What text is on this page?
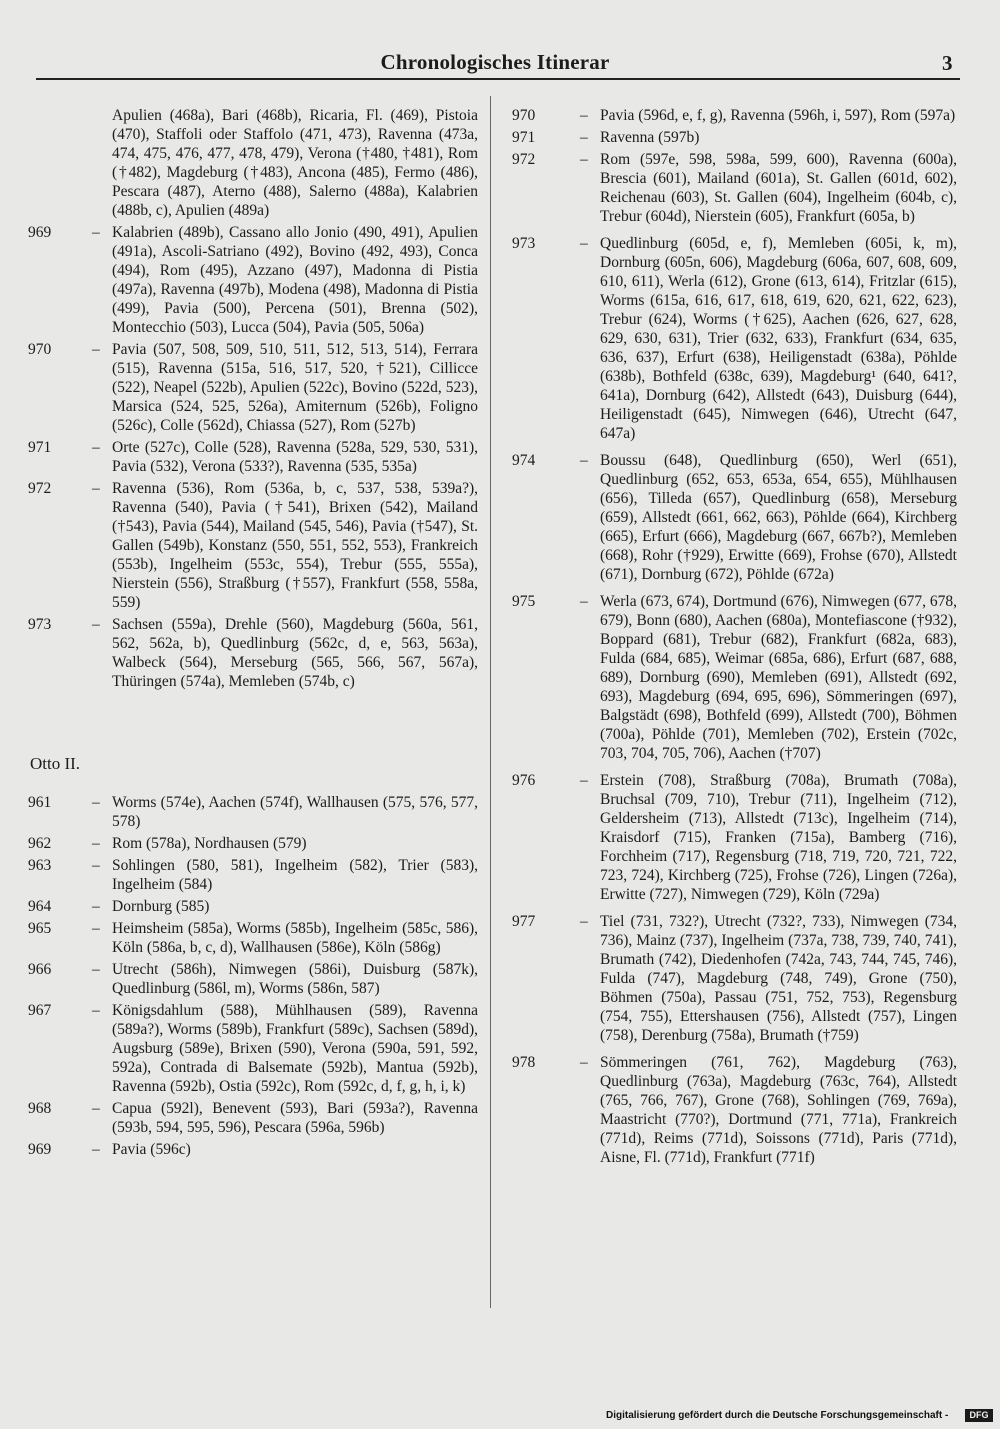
Chronologisches Itinerar	3
Apulien (468a), Bari (468b), Ricaria, Fl. (469), Pistoia (470), Staffoli oder Staffolo (471, 473), Ravenna (473a, 474, 475, 476, 477, 478, 479), Verona (†480, †481), Rom (†482), Magdeburg (†483), Ancona (485), Fermo (486), Pescara (487), Aterno (488), Salerno (488a), Kalabrien (488b, c), Apulien (489a)
969	– Kalabrien (489b), Cassano allo Jonio (490, 491), Apulien (491a), Ascoli-Satriano (492), Bovino (492, 493), Conca (494), Rom (495), Azzano (497), Madonna di Pistia (497a), Ravenna (497b), Modena (498), Madonna di Pistia (499), Pavia (500), Percena (501), Brenna (502), Montecchio (503), Lucca (504), Pavia (505, 506a)
970	– Pavia (507, 508, 509, 510, 511, 512, 513, 514), Ferrara (515), Ravenna (515a, 516, 517, 520, †521), Cillicce (522), Neapel (522b), Apulien (522c), Bovino (522d, 523), Marsica (524, 525, 526a), Amiternum (526b), Foligno (526c), Colle (562d), Chiassa (527), Rom (527b)
971	– Orte (527c), Colle (528), Ravenna (528a, 529, 530, 531), Pavia (532), Verona (533?), Ravenna (535, 535a)
972	– Ravenna (536), Rom (536a, b, c, 537, 538, 539a?), Ravenna (540), Pavia (†541), Brixen (542), Mailand (†543), Pavia (544), Mailand (545, 546), Pavia (†547), St. Gallen (549b), Konstanz (550, 551, 552, 553), Frankreich (553b), Ingelheim (553c, 554), Trebur (555, 555a), Nierstein (556), Straßburg (†557), Frankfurt (558, 558a, 559)
973	– Sachsen (559a), Drehle (560), Magdeburg (560a, 561, 562, 562a, b), Quedlinburg (562c, d, e, 563, 563a), Walbeck (564), Merseburg (565, 566, 567, 567a), Thüringen (574a), Memleben (574b, c)
Otto II.
961	– Worms (574e), Aachen (574f), Wallhausen (575, 576, 577, 578)
962	– Rom (578a), Nordhausen (579)
963	– Sohlingen (580, 581), Ingelheim (582), Trier (583), Ingelheim (584)
964	– Dornburg (585)
965	– Heimsheim (585a), Worms (585b), Ingelheim (585c, 586), Köln (586a, b, c, d), Wallhausen (586e), Köln (586g)
966	– Utrecht (586h), Nimwegen (586i), Duisburg (587k), Quedlinburg (586l, m), Worms (586n, 587)
967	– Königsdahlum (588), Mühlhausen (589), Ravenna (589a?), Worms (589b), Frankfurt (589c), Sachsen (589d), Augsburg (589e), Brixen (590), Verona (590a, 591, 592, 592a), Contrada di Balsemate (592b), Mantua (592b), Ravenna (592b), Ostia (592c), Rom (592c, d, f, g, h, i, k)
968	– Capua (592l), Benevent (593), Bari (593a?), Ravenna (593b, 594, 595, 596), Pescara (596a, 596b)
969	– Pavia (596c)
970	– Pavia (596d, e, f, g), Ravenna (596h, i, 597), Rom (597a)
971	– Ravenna (597b)
972	– Rom (597e, 598, 598a, 599, 600), Ravenna (600a), Brescia (601), Mailand (601a), St. Gallen (601d, 602), Reichenau (603), St. Gallen (604), Ingelheim (604b, c), Trebur (604d), Nierstein (605), Frankfurt (605a, b)
973	– Quedlinburg (605d, e, f), Memleben (605i, k, m), Dornburg (605n, 606), Magdeburg (606a, 607, 608, 609, 610, 611), Werla (612), Grone (613, 614), Fritzlar (615), Worms (615a, 616, 617, 618, 619, 620, 621, 622, 623), Trebur (624), Worms (†625), Aachen (626, 627, 628, 629, 630, 631), Trier (632, 633), Frankfurt (634, 635, 636, 637), Erfurt (638), Heiligenstadt (638a), Pöhlde (638b), Bothfeld (638c, 639), Magdeburg¹ (640, 641?, 641a), Dornburg (642), Allstedt (643), Duisburg (644), Heiligenstadt (645), Nimwegen (646), Utrecht (647, 647a)
974	– Boussu (648), Quedlinburg (650), Werl (651), Quedlinburg (652, 653, 653a, 654, 655), Mühlhausen (656), Tilleda (657), Quedlinburg (658), Merseburg (659), Allstedt (661, 662, 663), Pöhlde (664), Kirchberg (665), Erfurt (666), Magdeburg (667, 667b?), Memleben (668), Rohr (†929), Erwitte (669), Frohse (670), Allstedt (671), Dornburg (672), Pöhlde (672a)
975	– Werla (673, 674), Dortmund (676), Nimwegen (677, 678, 679), Bonn (680), Aachen (680a), Montefiascone (†932), Boppard (681), Trebur (682), Frankfurt (682a, 683), Fulda (684, 685), Weimar (685a, 686), Erfurt (687, 688, 689), Dornburg (690), Memleben (691), Allstedt (692, 693), Magdeburg (694, 695, 696), Sömmeringen (697), Balgstädt (698), Bothfeld (699), Allstedt (700), Böhmen (700a), Pöhlde (701), Memleben (702), Erstein (702c, 703, 704, 705, 706), Aachen (†707)
976	– Erstein (708), Straßburg (708a), Brumath (708a), Bruchsal (709, 710), Trebur (711), Ingelheim (712), Geldersheim (713), Allstedt (713c), Ingelheim (714), Kraisdorf (715), Franken (715a), Bamberg (716), Forchheim (717), Regensburg (718, 719, 720, 721, 722, 723, 724), Kirchberg (725), Frohse (726), Lingen (726a), Erwitte (727), Nimwegen (729), Köln (729a)
977	– Tiel (731, 732?), Utrecht (732?, 733), Nimwegen (734, 736), Mainz (737), Ingelheim (737a, 738, 739, 740, 741), Brumath (742), Diedenhofen (742a, 743, 744, 745, 746), Fulda (747), Magdeburg (748, 749), Grone (750), Böhmen (750a), Passau (751, 752, 753), Regensburg (754, 755), Ettershausen (756), Allstedt (757), Lingen (758), Derenburg (758a), Brumath (†759)
978	– Sömmeringen (761, 762), Magdeburg (763), Quedlinburg (763a), Magdeburg (763c, 764), Allstedt (765, 766, 767), Grone (768), Sohlingen (769, 769a), Maastricht (770?), Dortmund (771, 771a), Frankreich (771d), Reims (771d), Soissons (771d), Paris (771d), Aisne, Fl. (771d), Frankfurt (771f)
Digitalisierung gefördert durch die Deutsche Forschungsgemeinschaft -	DFG
